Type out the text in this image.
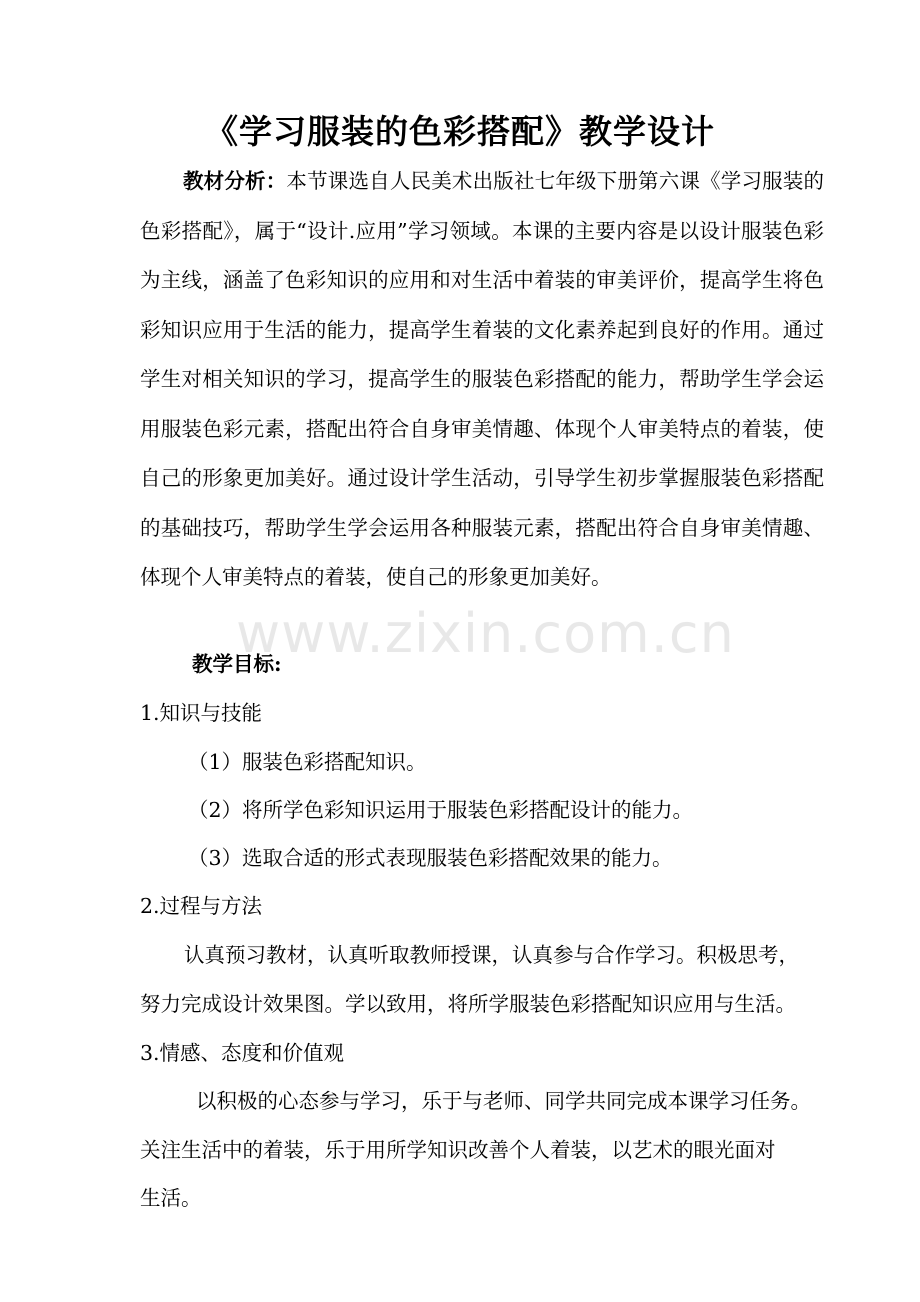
《学习服装的色彩搭配》教学设计

教材分析：本节课选自人民美术出版社七年级下册第六课《学习服装的色彩搭配》，属于“设计.应用”学习领域。本课的主要内容是以设计服装色彩为主线，涵盖了色彩知识的应用和对生活中着装的审美评价，提高学生将色彩知识应用于生活的能力，提高学生着装的文化素养起到良好的作用。通过学生对相关知识的学习，提高学生的服装色彩搭配的能力，帮助学生学会运用服装色彩元素，搭配出符合自身审美情趣、体现个人审美特点的着装，使自己的形象更加美好。通过设计学生活动，引导学生初步掌握服装色彩搭配的基础技巧，帮助学生学会运用各种服装元素，搭配出符合自身审美情趣、体现个人审美特点的着装，使自己的形象更加美好。

www.zixin.com.cn

教学目标:

1.知识与技能

（1）服装色彩搭配知识。

（2）将所学色彩知识运用于服装色彩搭配设计的能力。

（3）选取合适的形式表现服装色彩搭配效果的能力。

2.过程与方法

认真预习教材，认真听取教师授课，认真参与合作学习。积极思考，

努力完成设计效果图。学以致用，将所学服装色彩搭配知识应用与生活。

3.情感、态度和价值观

以积极的心态参与学习，乐于与老师、同学共同完成本课学习任务。

关注生活中的着装，乐于用所学知识改善个人着装，以艺术的眼光面对

生活。
